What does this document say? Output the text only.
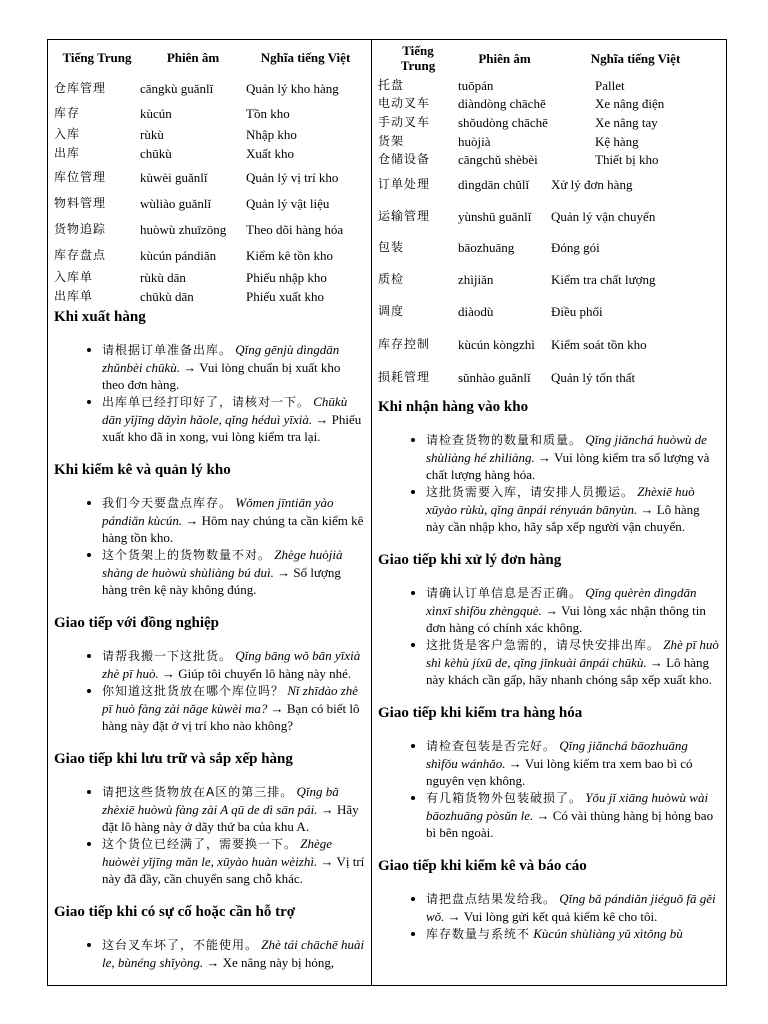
Tiếng Trung	Phiên âm	Nghĩa tiếng Việt
仓库管理	cāngkù guǎnlǐ	Quản lý kho hàng
库存	kùcún	Tồn kho
入库	rùkù	Nhập kho
出库	chūkù	Xuất kho
库位管理	kùwèi guǎnlǐ	Quản lý vị trí kho
物料管理	wùliào guǎnlǐ	Quản lý vật liệu
货物追踪	huòwù zhuīzōng	Theo dõi hàng hóa
库存盘点	kùcún pándiǎn	Kiểm kê tồn kho
入库单	rùkù dān	Phiếu nhập kho
出库单	chūkù dān	Phiếu xuất kho
Khi xuất hàng
• 请根据订单准备出库。 Qǐng gēnjù dìngdān zhǔnbèi chūkù. → Vui lòng chuẩn bị xuất kho theo đơn hàng.
• 出库单已经打印好了，请核对一下。 Chūkù dān yǐjīng dǎyìn hǎole, qǐng héduì yīxià. → Phiếu xuất kho đã in xong, vui lòng kiểm tra lại.
Khi kiểm kê và quản lý kho
• 我们今天要盘点库存。 Wǒmen jīntiān yào pándiǎn kùcún. → Hôm nay chúng ta cần kiểm kê hàng tồn kho.
• 这个货架上的货物数量不对。 Zhège huòjià shàng de huòwù shùliàng bú duì. → Số lượng hàng trên kệ này không đúng.
Giao tiếp với đồng nghiệp
• 请帮我搬一下这批货。 Qǐng bāng wǒ bān yīxià zhè pī huò. → Giúp tôi chuyển lô hàng này nhé.
• 你知道这批货放在哪个库位吗？ Nǐ zhīdào zhè pī huò fàng zài nǎge kùwèi ma? → Bạn có biết lô hàng này đặt ở vị trí kho nào không?
Giao tiếp khi lưu trữ và sắp xếp hàng
• 请把这些货物放在A区的第三排。 Qǐng bǎ zhèxiē huòwù fàng zài A qū de dì sān pái. → Hãy đặt lô hàng này ở dãy thứ ba của khu A.
• 这个货位已经满了，需要换一下。 Zhège huòwèi yǐjīng mǎn le, xūyào huàn wèizhì. → Vị trí này đã đầy, cần chuyển sang chỗ khác.
Giao tiếp khi có sự cố hoặc cần hỗ trợ
• 这台叉车坏了，不能使用。 Zhè tái chāchē huài le, bùnéng shǐyòng. → Xe nâng này bị hỏng,
Tiếng Trung	Phiên âm	Nghĩa tiếng Việt
托盘	tuōpán	Pallet
电动叉车	diàndòng chāchē	Xe nâng điện
手动叉车	shǒudòng chāchē	Xe nâng tay
货架	huòjià	Kệ hàng
仓储设备	cāngchǔ shèbèi	Thiết bị kho
订单处理	dìngdān chǔlǐ	Xử lý đơn hàng
运输管理	yùnshū guǎnlǐ	Quản lý vận chuyển
包装	bāozhuāng	Đóng gói
质检	zhìjiǎn	Kiểm tra chất lượng
调度	diàodù	Điều phối
库存控制	kùcún kòngzhì	Kiểm soát tồn kho
损耗管理	sǔnhào guǎnlǐ	Quản lý tổn thất
Khi nhận hàng vào kho
• 请检查货物的数量和质量。 Qǐng jiǎnchá huòwù de shùliàng hé zhìliàng. → Vui lòng kiểm tra số lượng và chất lượng hàng hóa.
• 这批货需要入库，请安排人员搬运。 Zhèxiē huò xūyào rùkù, qǐng ānpái rényuán bānyùn. → Lô hàng này cần nhập kho, hãy sắp xếp người vận chuyển.
Giao tiếp khi xử lý đơn hàng
• 请确认订单信息是否正确。 Qǐng quèrèn dìngdān xìnxī shìfǒu zhèngquè. → Vui lòng xác nhận thông tin đơn hàng có chính xác không.
• 这批货是客户急需的，请尽快安排出库。 Zhè pī huò shì kèhù jíxū de, qǐng jǐnkuài ānpái chūkù. → Lô hàng này khách cần gấp, hãy nhanh chóng sắp xếp xuất kho.
Giao tiếp khi kiểm tra hàng hóa
• 请检查包装是否完好。 Qǐng jiǎnchá bāozhuāng shìfǒu wánhǎo. → Vui lòng kiểm tra xem bao bì có nguyên vẹn không.
• 有几箱货物外包装破损了。 Yǒu jǐ xiāng huòwù wài bāozhuāng pòsǔn le. → Có vài thùng hàng bị hỏng bao bì bên ngoài.
Giao tiếp khi kiểm kê và báo cáo
• 请把盘点结果发给我。 Qǐng bǎ pándiǎn jiéguǒ fā gěi wǒ. → Vui lòng gửi kết quả kiểm kê cho tôi.
• 库存数量与系统不 Kùcún shùliàng yǔ xìtǒng bù
